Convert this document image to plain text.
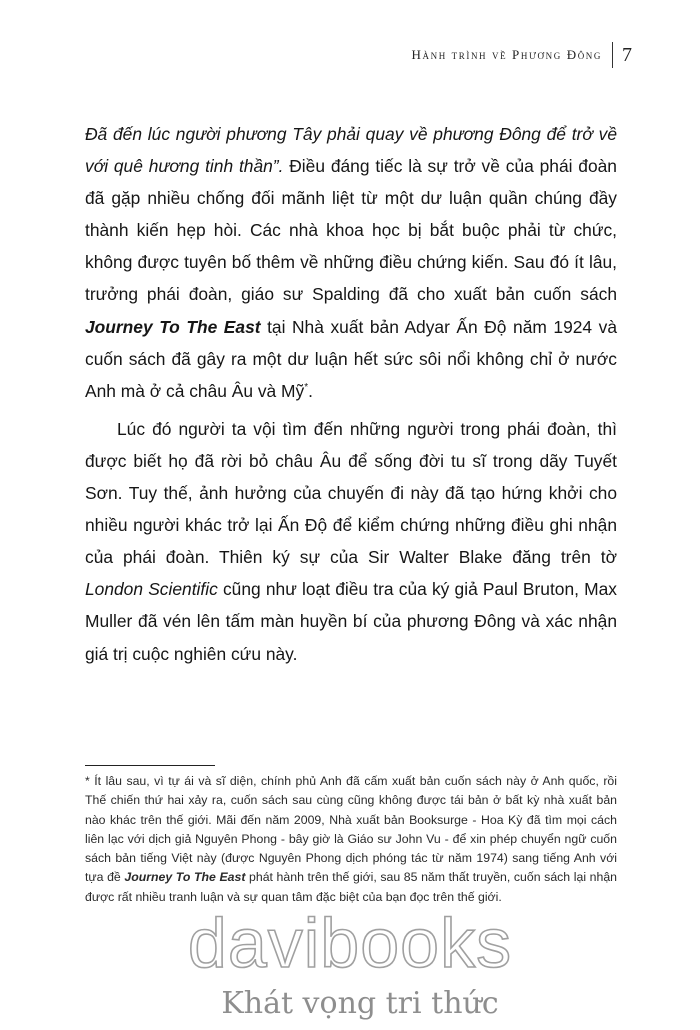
Hành trình về Phương Đông 7

Đã đến lúc người phương Tây phải quay về phương Đông để trở về với quê hương tinh thần”. Điều đáng tiếc là sự trở về của phái đoàn đã gặp nhiều chống đối mãnh liệt từ một dư luận quần chúng đầy thành kiến hẹp hòi. Các nhà khoa học bị bắt buộc phải từ chức, không được tuyên bố thêm về những điều chứng kiến. Sau đó ít lâu, trưởng phái đoàn, giáo sư Spalding đã cho xuất bản cuốn sách Journey To The East tại Nhà xuất bản Adyar Ấn Độ năm 1924 và cuốn sách đã gây ra một dư luận hết sức sôi nổi không chỉ ở nước Anh mà ở cả châu Âu và Mỹ*.

Lúc đó người ta vội tìm đến những người trong phái đoàn, thì được biết họ đã rời bỏ châu Âu để sống đời tu sĩ trong dãy Tuyết Sơn. Tuy thế, ảnh hưởng của chuyến đi này đã tạo hứng khởi cho nhiều người khác trở lại Ấn Độ để kiểm chứng những điều ghi nhận của phái đoàn. Thiên ký sự của Sir Walter Blake đăng trên tờ London Scientific cũng như loạt điều tra của ký giả Paul Bruton, Max Muller đã vén lên tấm màn huyền bí của phương Đông và xác nhận giá trị cuộc nghiên cứu này.

* Ít lâu sau, vì tự ái và sĩ diện, chính phủ Anh đã cấm xuất bản cuốn sách này ở Anh quốc, rồi Thế chiến thứ hai xảy ra, cuốn sách sau cùng cũng không được tái bản ở bất kỳ nhà xuất bản nào khác trên thế giới. Mãi đến năm 2009, Nhà xuất bản Booksurge - Hoa Kỳ đã tìm mọi cách liên lạc với dịch giả Nguyên Phong - bây giờ là Giáo sư John Vu - để xin phép chuyển ngữ cuốn sách bản tiếng Việt này (được Nguyên Phong dịch phóng tác từ năm 1974) sang tiếng Anh với tựa đề Journey To The East phát hành trên thế giới, sau 85 năm thất truyền, cuốn sách lại nhận được rất nhiều tranh luận và sự quan tâm đặc biệt của bạn đọc trên thế giới.

davibooks
Khát vọng tri thức
